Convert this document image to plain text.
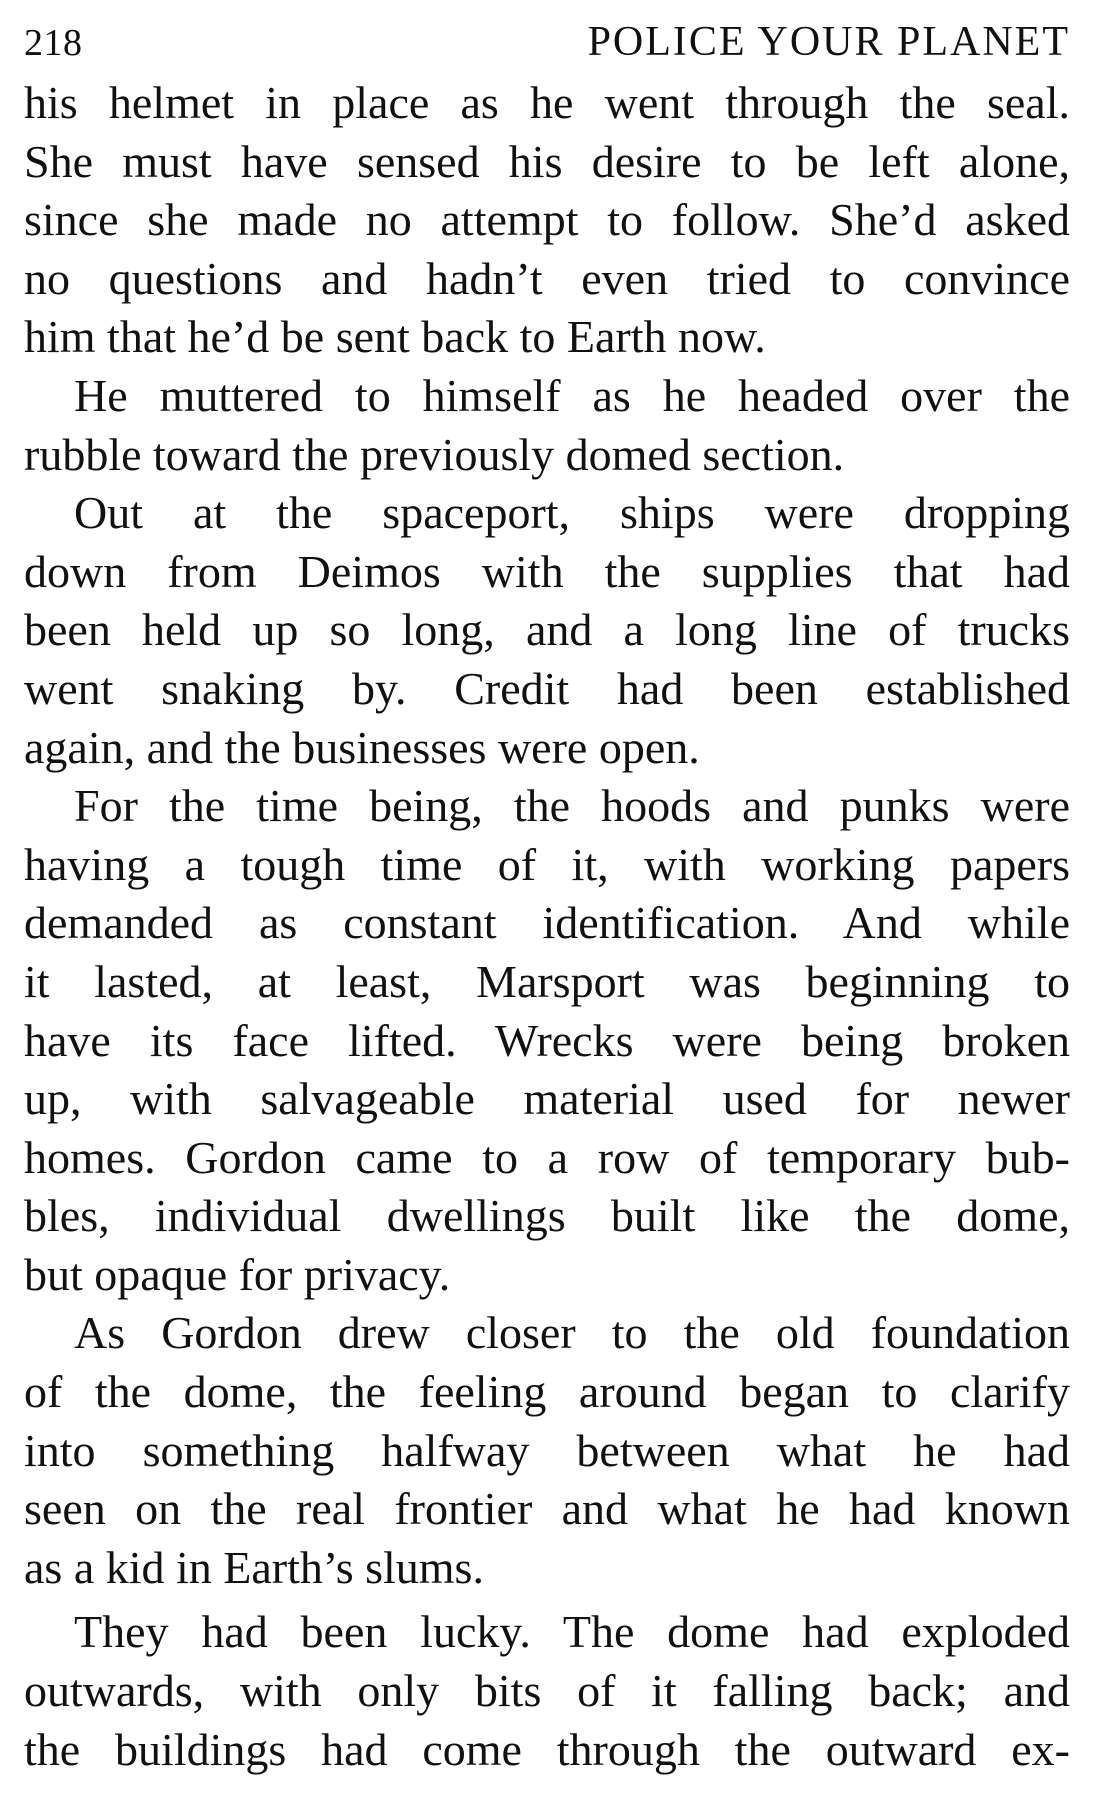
218	POLICE YOUR PLANET
his helmet in place as he went through the seal.
She must have sensed his desire to be left alone,
since she made no attempt to follow. She’d asked
no questions and hadn’t even tried to convince
him that he’d be sent back to Earth now.
He muttered to himself as he headed over the
rubble toward the previously domed section.
Out at the spaceport, ships were dropping
down from Deimos with the supplies that had
been held up so long, and a long line of trucks
went snaking by. Credit had been established
again, and the businesses were open.
For the time being, the hoods and punks were
having a tough time of it, with working papers
demanded as constant identification. And while
it lasted, at least, Marsport was beginning to
have its face lifted. Wrecks were being broken
up, with salvageable material used for newer
homes. Gordon came to a row of temporary bub-
bles, individual dwellings built like the dome,
but opaque for privacy.
As Gordon drew closer to the old foundation
of the dome, the feeling around began to clarify
into something halfway between what he had
seen on the real frontier and what he had known
as a kid in Earth’s slums.
They had been lucky. The dome had exploded
outwards, with only bits of it falling back; and
the buildings had come through the outward ex-
